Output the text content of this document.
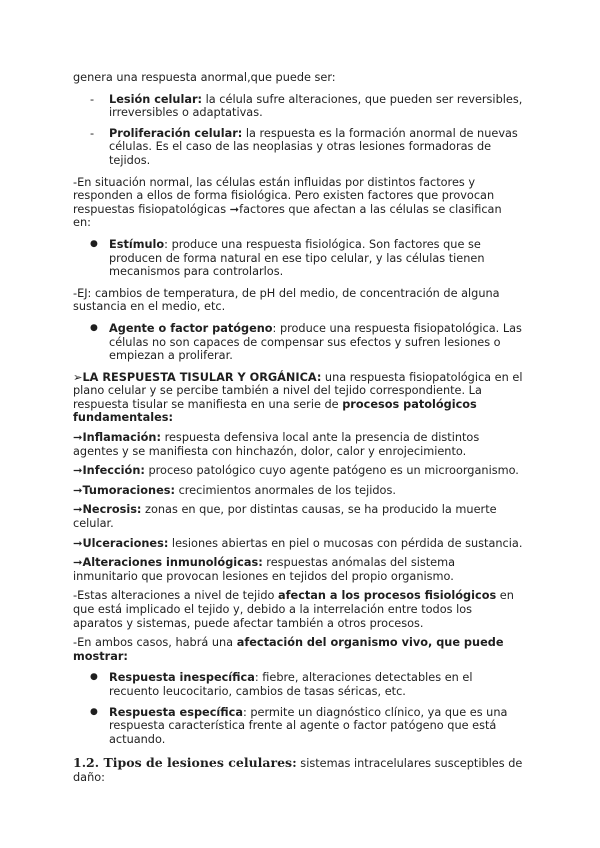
genera una respuesta anormal,que puede ser:

- Lesión celular: la célula sufre alteraciones, que pueden ser reversibles, irreversibles o adaptativas.
- Proliferación celular: la respuesta es la formación anormal de nuevas células. Es el caso de las neoplasias y otras lesiones formadoras de tejidos.

-En situación normal, las células están influidas por distintos factores y responden a ellos de forma fisiológica. Pero existen factores que provocan respuestas fisiopatológicas ➞factores que afectan a las células se clasifican en:

● Estímulo: produce una respuesta fisiológica. Son factores que se producen de forma natural en ese tipo celular, y las células tienen mecanismos para controlarlos.

-EJ: cambios de temperatura, de pH del medio, de concentración de alguna sustancia en el medio, etc.

● Agente o factor patógeno: produce una respuesta fisiopatológica. Las células no son capaces de compensar sus efectos y sufren lesiones o empiezan a proliferar.

➢LA RESPUESTA TISULAR Y ORGÁNICA: una respuesta fisiopatológica en el plano celular y se percibe también a nivel del tejido correspondiente. La respuesta tisular se manifiesta en una serie de procesos patológicos fundamentales:

➞Inflamación: respuesta defensiva local ante la presencia de distintos agentes y se manifiesta con hinchazón, dolor, calor y enrojecimiento.

➞Infección: proceso patológico cuyo agente patógeno es un microorganismo.

➞Tumoraciones: crecimientos anormales de los tejidos.

➞Necrosis: zonas en que, por distintas causas, se ha producido la muerte celular.

➞Ulceraciones: lesiones abiertas en piel o mucosas con pérdida de sustancia.

➞Alteraciones inmunológicas: respuestas anómalas del sistema inmunitario que provocan lesiones en tejidos del propio organismo.

-Estas alteraciones a nivel de tejido afectan a los procesos fisiológicos en que está implicado el tejido y, debido a la interrelación entre todos los aparatos y sistemas, puede afectar también a otros procesos.

-En ambos casos, habrá una afectación del organismo vivo, que puede mostrar:

● Respuesta inespecífica: fiebre, alteraciones detectables en el recuento leucocitario, cambios de tasas séricas, etc.
● Respuesta específica: permite un diagnóstico clínico, ya que es una respuesta característica frente al agente o factor patógeno que está actuando.

1.2. Tipos de lesiones celulares: sistemas intracelulares susceptibles de daño:
